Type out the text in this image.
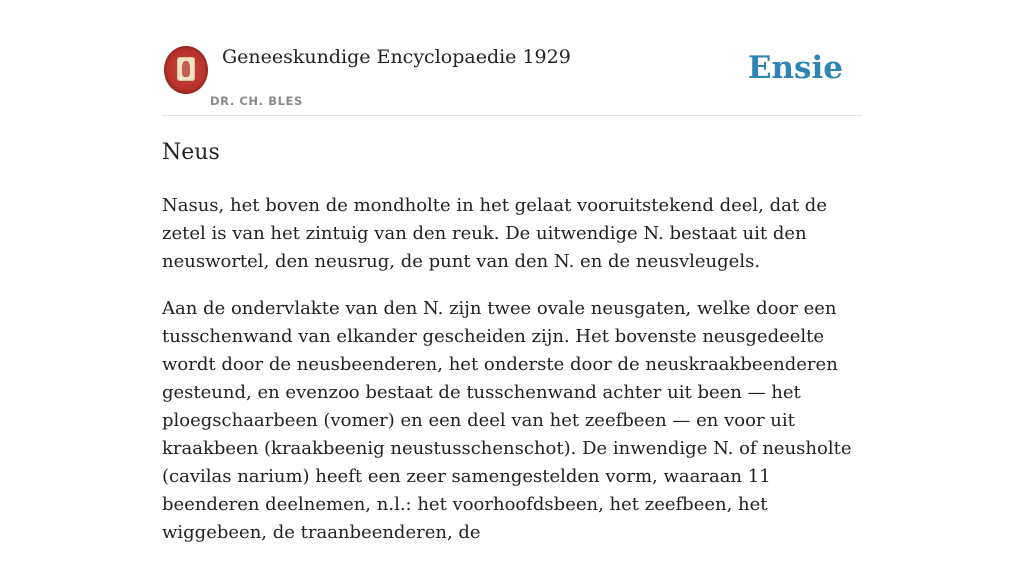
Geneeskundige Encyclopaedie 1929
DR. CH. BLES
Ensie
Neus

Nasus, het boven de mondholte in het gelaat vooruitstekend deel, dat de zetel is van het zintuig van den reuk. De uitwendige N. bestaat uit den neuswortel, den neusrug, de punt van den N. en de neusvleugels.

Aan de ondervlakte van den N. zijn twee ovale neusgaten, welke door een tusschenwand van elkander gescheiden zijn. Het bovenste neusgedeelte wordt door de neusbeenderen, het onderste door de neuskraakbeenderen gesteund, en evenzoo bestaat de tusschenwand achter uit been — het ploegschaarbeen (vomer) en een deel van het zeefbeen — en voor uit kraakbeen (kraakbeenig neustusschenschot). De inwendige N. of neusholte (cavilas narium) heeft een zeer samengestelden vorm, waaraan 11 beenderen deelnemen, n.l.: het voorhoofdsbeen, het zeefbeen, het wiggebeen, de traanbeenderen, de
